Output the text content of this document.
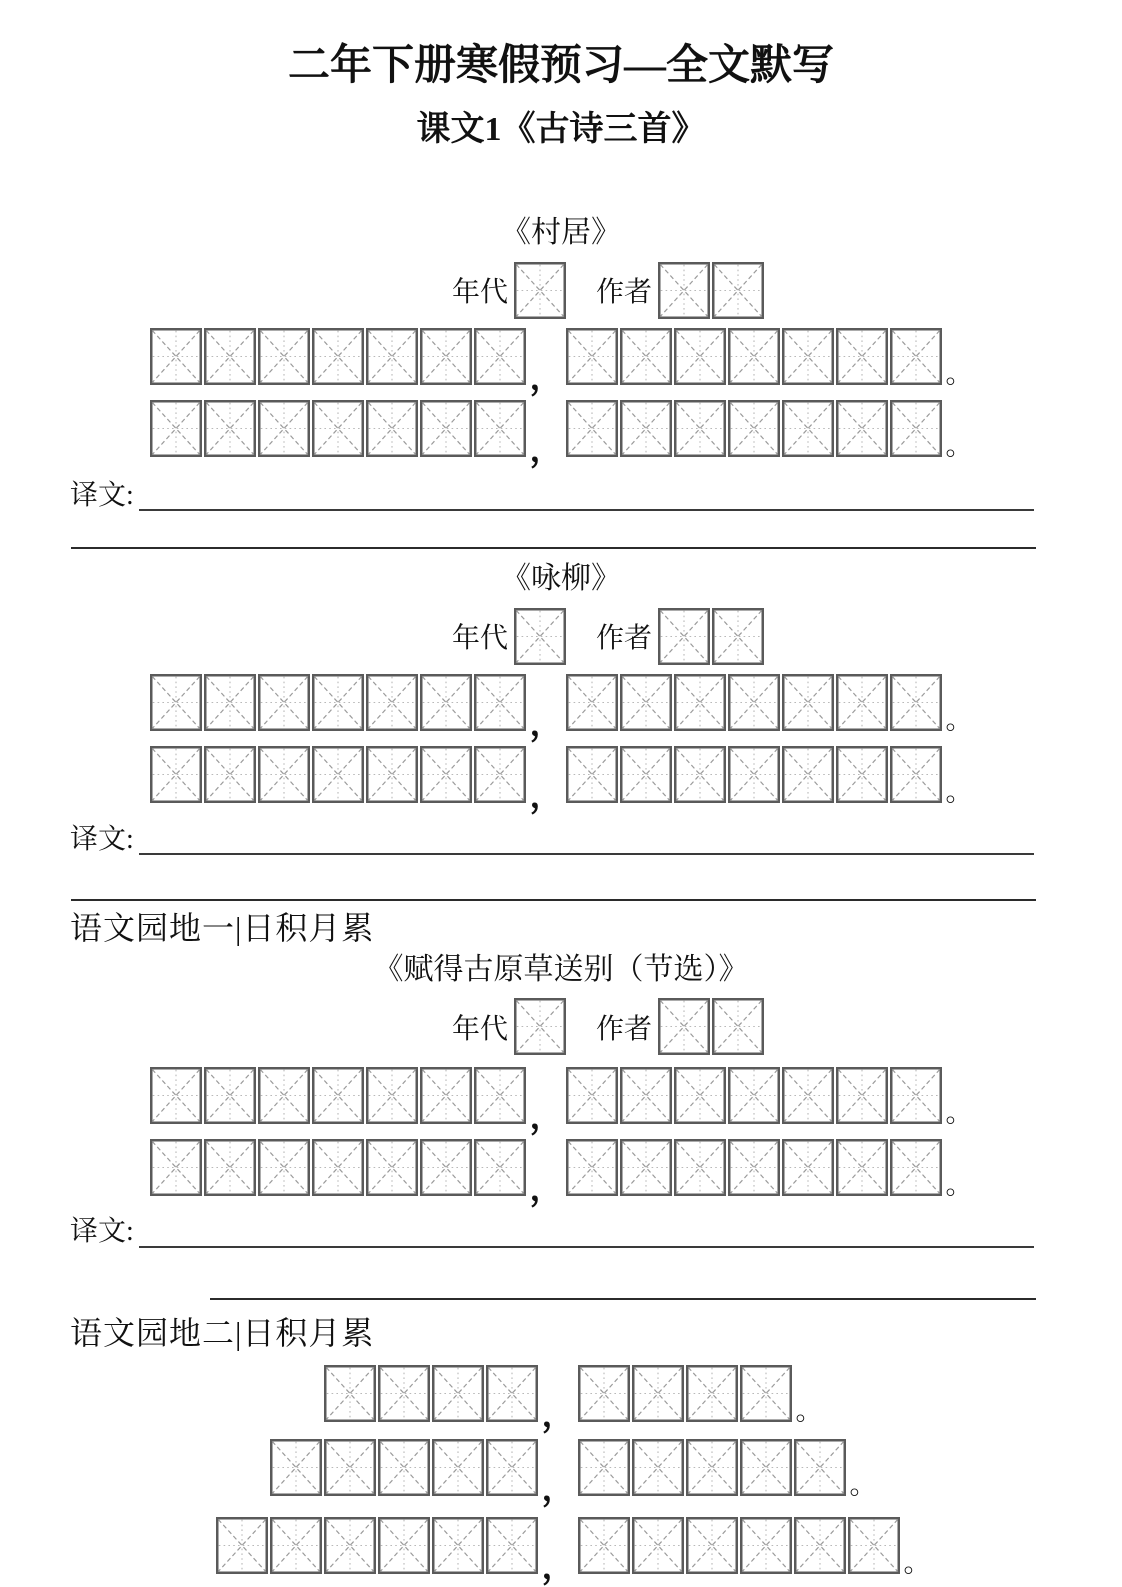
二年下册寒假预习—全文默写
课文1《古诗三首》
《村居》
年代	作者
，	。
，	。
译文:
《咏柳》
年代	作者
，	。
，	。
译文:
语文园地一|日积月累
《赋得古原草送别（节选）》
年代	作者
，	。
，	。
译文:
语文园地二|日积月累
，	。
，	。
，	。
